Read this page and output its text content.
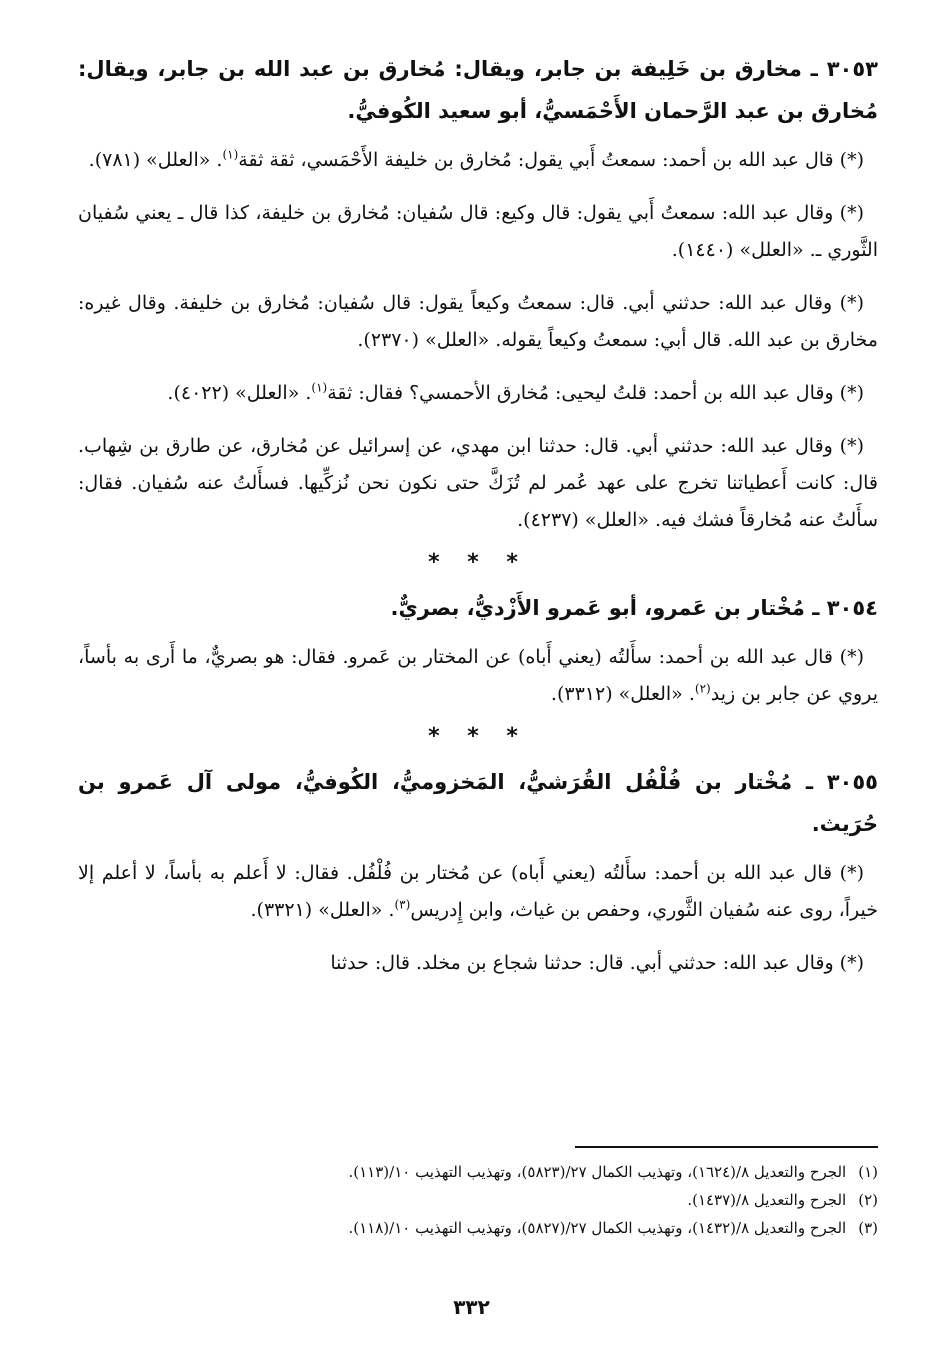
٣٠٥٣ ـ مخارق بن خَلِيفة بن جابر، ويقال: مُخارق بن عبد الله بن جابر، ويقال: مُخارق بن عبد الرَّحمان الأَحْمَسيُّ، أبو سعيد الكُوفيُّ.

(*) قال عبد الله بن أحمد: سمعتُ أَبي يقول: مُخارق بن خليفة الأَحْمَسي، ثقة ثقة$^{(١)}$. «العلل» (٧٨١).

(*) وقال عبد الله: سمعتُ أَبي يقول: قال وكيع: قال سُفيان: مُخارق بن خليفة، كذا قال ـ يعني سُفيان الثَّوري ـ. «العلل» (١٤٤٠).

(*) وقال عبد الله: حدثني أبي. قال: سمعتُ وكيعاً يقول: قال سُفيان: مُخارق بن خليفة. وقال غيره: مخارق بن عبد الله. قال أبي: سمعتُ وكيعاً يقوله. «العلل» (٢٣٧٠).

(*) وقال عبد الله بن أحمد: قلتُ ليحيى: مُخارق الأحمسي؟ فقال: ثقة$^{(١)}$. «العلل» (٤٠٢٢).

(*) وقال عبد الله: حدثني أبي. قال: حدثنا ابن مهدي، عن إسرائيل عن مُخارق، عن طارق بن شِهاب. قال: كانت أَعطياتنا تخرج على عهد عُمر لم تُزَكَّ حتى نكون نحن نُزكِّيها. فسأَلتُ عنه سُفيان. فقال: سأَلتُ عنه مُخارقاً فشك فيه. «العلل» (٤٢٣٧).

* * *
٣٠٥٤ ـ مُخْتار بن عَمرو، أبو عَمرو الأَزْديُّ، بصريٌّ.

(*) قال عبد الله بن أحمد: سأَلتُه (يعني أَباه) عن المختار بن عَمرو. فقال: هو بصريٌّ، ما أَرى به بأساً، يروي عن جابر بن زيد$^{(٢)}$. «العلل» (٣٣١٢).

* * *
٣٠٥٥ ـ مُخْتار بن فُلْفُل القُرَشيُّ، المَخزوميُّ، الكُوفيُّ، مولى آل عَمرو بن حُرَيث.

(*) قال عبد الله بن أحمد: سأَلتُه (يعني أَباه) عن مُختار بن فُلْفُل. فقال: لا أَعلم به بأساً، لا أعلم إلا خيراً، روى عنه سُفيان الثَّوري، وحفص بن غياث، وابن إِدريس$^{(٣)}$. «العلل» (٣٣٢١).

(*) وقال عبد الله: حدثني أبي. قال: حدثنا شجاع بن مخلد. قال: حدثنا

(١)الجرح والتعديل ٨/(١٦٢٤)، وتهذيب الكمال ٢٧/(٥٨٢٣)، وتهذيب التهذيب ١٠/(١١٣).

(٢)الجرح والتعديل ٨/(١٤٣٧).

(٣)الجرح والتعديل ٨/(١٤٣٢)، وتهذيب الكمال ٢٧/(٥٨٢٧)، وتهذيب التهذيب ١٠/(١١٨).

٣٣٢
